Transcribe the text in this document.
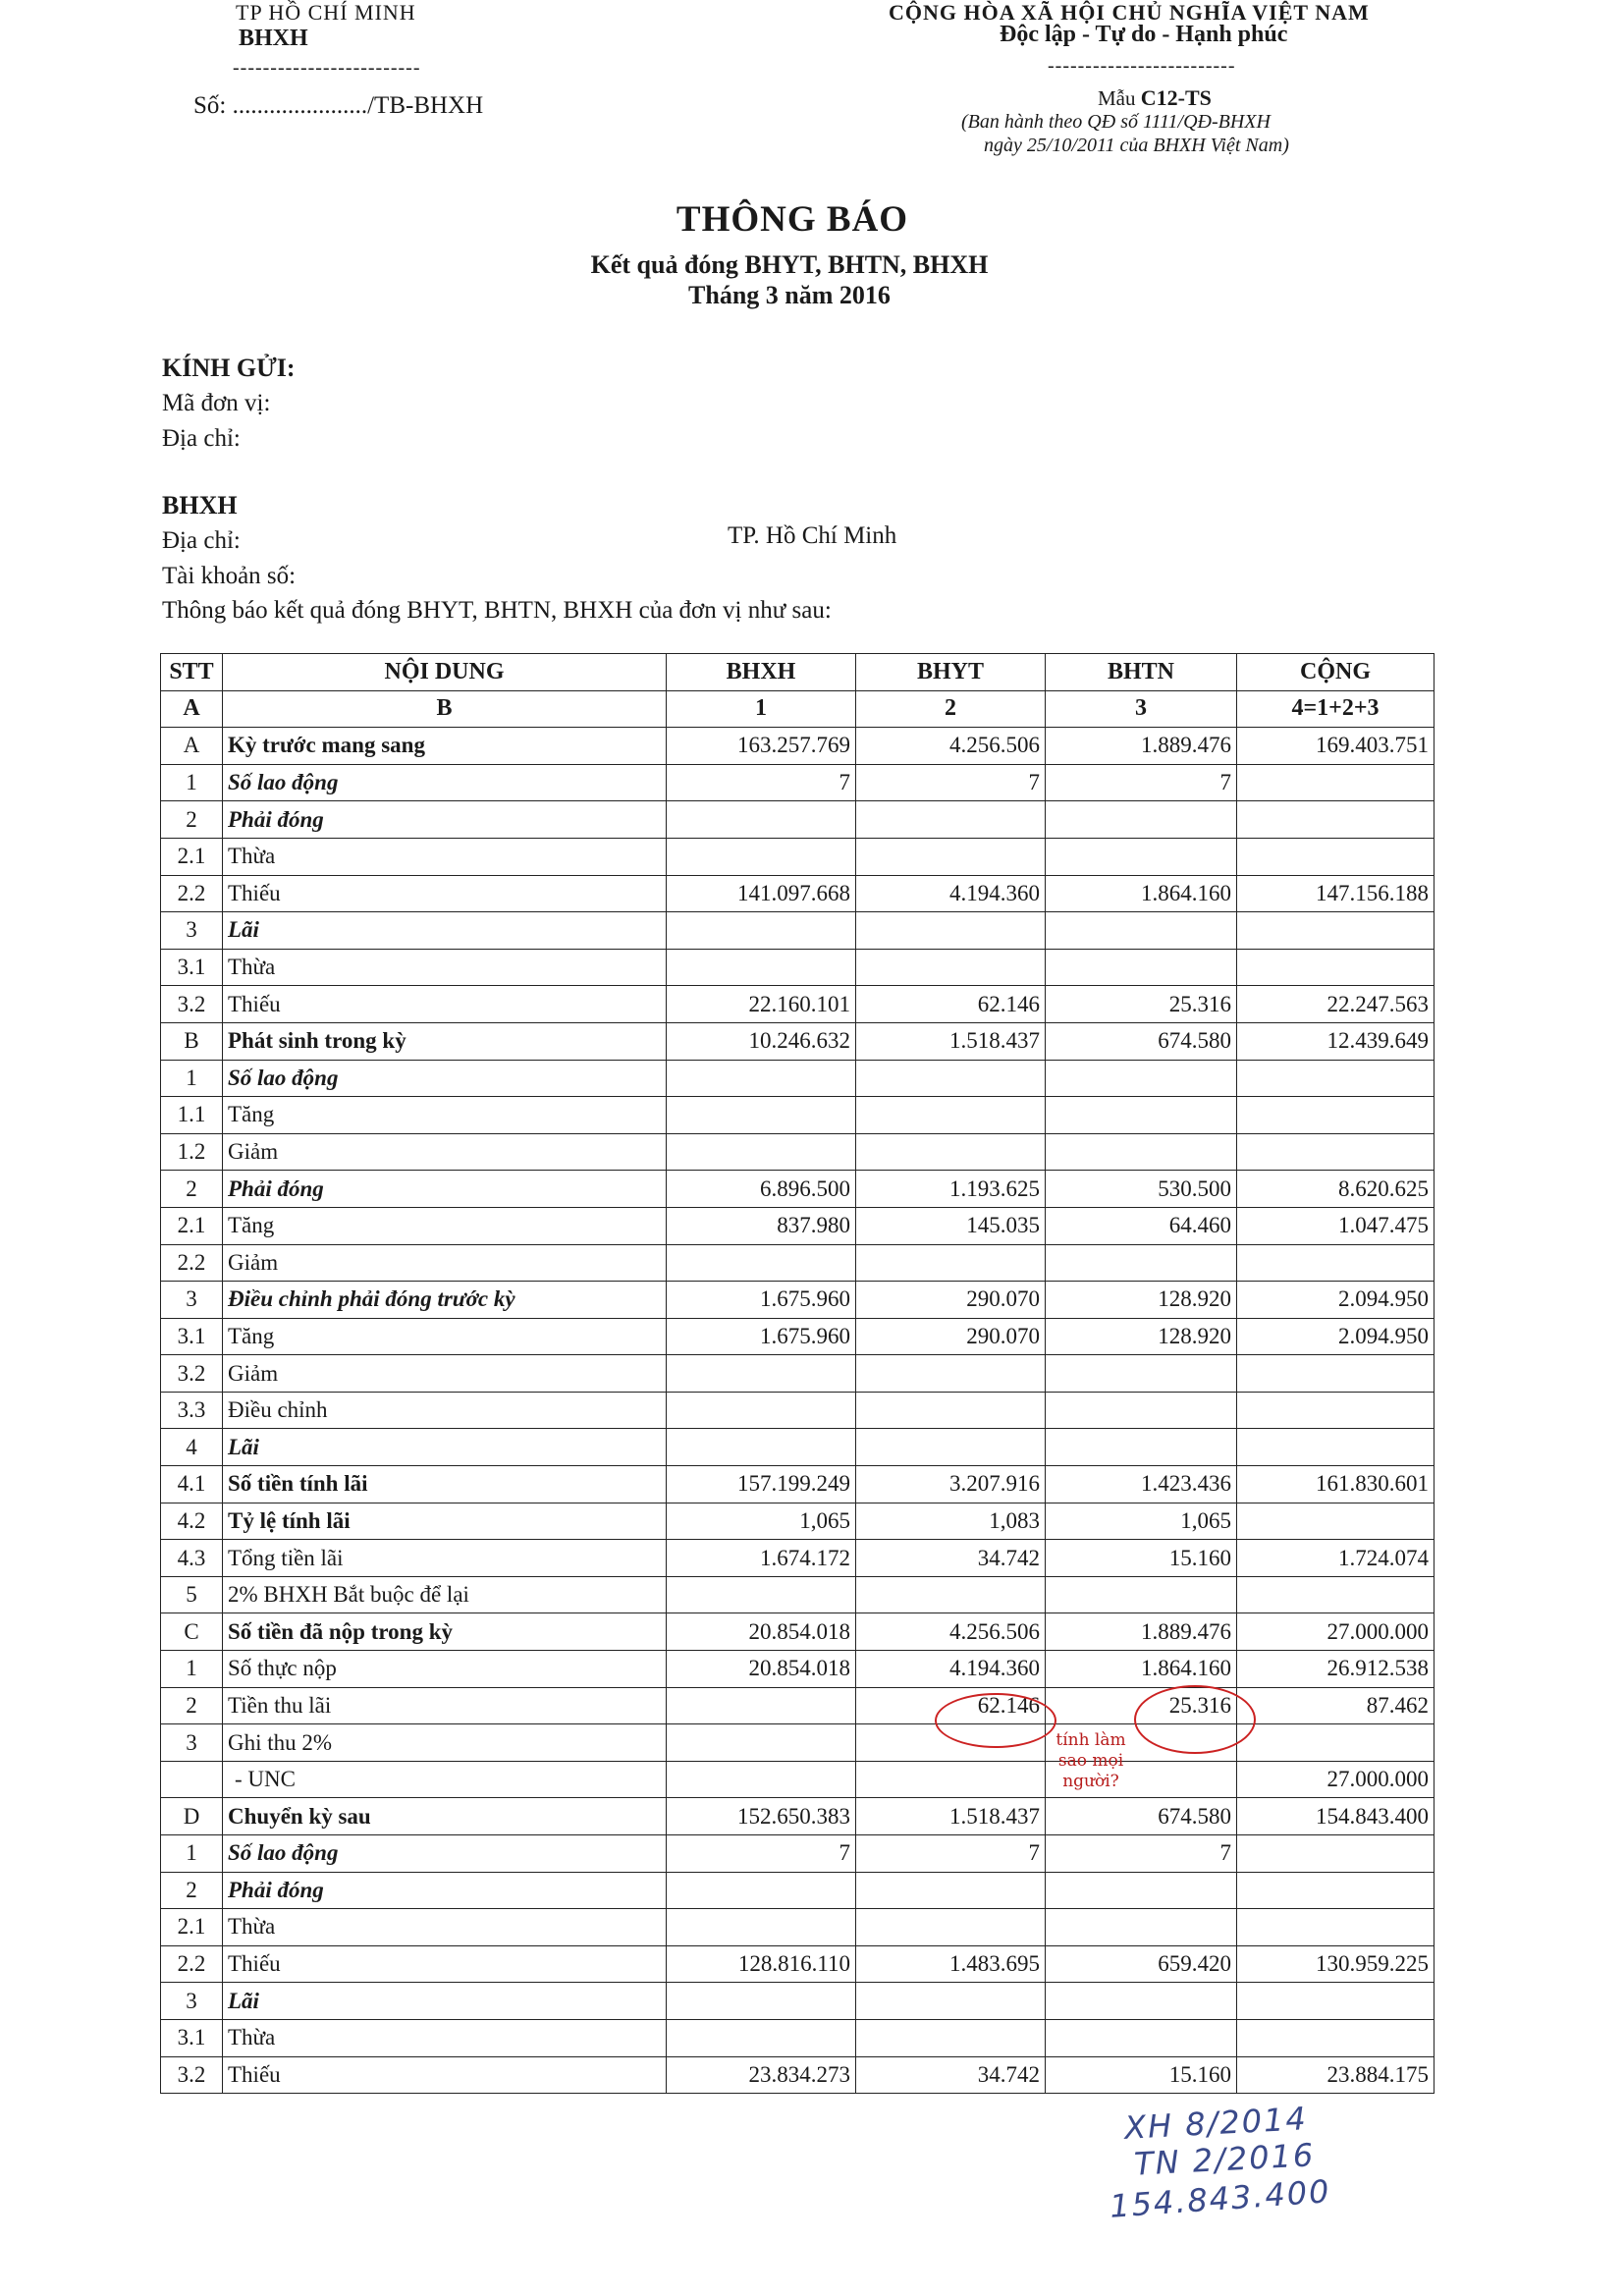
TP HỒ CHÍ MINH
BHXH
-------------------------
Số: ....................../TB-BHXH
CỘNG HÒA XÃ HỘI CHỦ NGHĨA VIỆT NAM
Độc lập - Tự do - Hạnh phúc
-------------------------
Mẫu C12-TS
(Ban hành theo QĐ số 1111/QĐ-BHXH
ngày 25/10/2011 của BHXH Việt Nam)
THÔNG BÁO
Kết quả đóng BHYT, BHTN, BHXH
Tháng 3 năm 2016
KÍNH GỬI:
Mã đơn vị:
Địa chỉ:
BHXH
Địa chỉ:	TP. Hồ Chí Minh
Tài khoản số:
Thông báo kết quả đóng BHYT, BHTN, BHXH của đơn vị như sau:
STT	NỘI DUNG	BHXH	BHYT	BHTN	CỘNG
A	B	1	2	3	4=1+2+3
A	Kỳ trước mang sang	163.257.769	4.256.506	1.889.476	169.403.751
1	Số lao động	7	7	7	
2	Phải đóng				
2.1	Thừa				
2.2	Thiếu	141.097.668	4.194.360	1.864.160	147.156.188
3	Lãi				
3.1	Thừa				
3.2	Thiếu	22.160.101	62.146	25.316	22.247.563
B	Phát sinh trong kỳ	10.246.632	1.518.437	674.580	12.439.649
1	Số lao động				
1.1	Tăng				
1.2	Giảm				
2	Phải đóng	6.896.500	1.193.625	530.500	8.620.625
2.1	Tăng	837.980	145.035	64.460	1.047.475
2.2	Giảm				
3	Điều chỉnh phải đóng trước kỳ	1.675.960	290.070	128.920	2.094.950
3.1	Tăng	1.675.960	290.070	128.920	2.094.950
3.2	Giảm				
3.3	Điều chỉnh				
4	Lãi				
4.1	Số tiền tính lãi	157.199.249	3.207.916	1.423.436	161.830.601
4.2	Tỷ lệ tính lãi	1,065	1,083	1,065	
4.3	Tổng tiền lãi	1.674.172	34.742	15.160	1.724.074
5	2% BHXH Bắt buộc để lại				
C	Số tiền đã nộp trong kỳ	20.854.018	4.256.506	1.889.476	27.000.000
1	Số thực nộp	20.854.018	4.194.360	1.864.160	26.912.538
2	Tiền thu lãi		62.146	25.316	87.462
3	Ghi thu 2%				
	- UNC				27.000.000
D	Chuyển kỳ sau	152.650.383	1.518.437	674.580	154.843.400
1	Số lao động	7	7	7	
2	Phải đóng				
2.1	Thừa				
2.2	Thiếu	128.816.110	1.483.695	659.420	130.959.225
3	Lãi				
3.1	Thừa				
3.2	Thiếu	23.834.273	34.742	15.160	23.884.175
tính làm sao mọi người?
XH 8/2014
TN 2/2016
154.843.400
